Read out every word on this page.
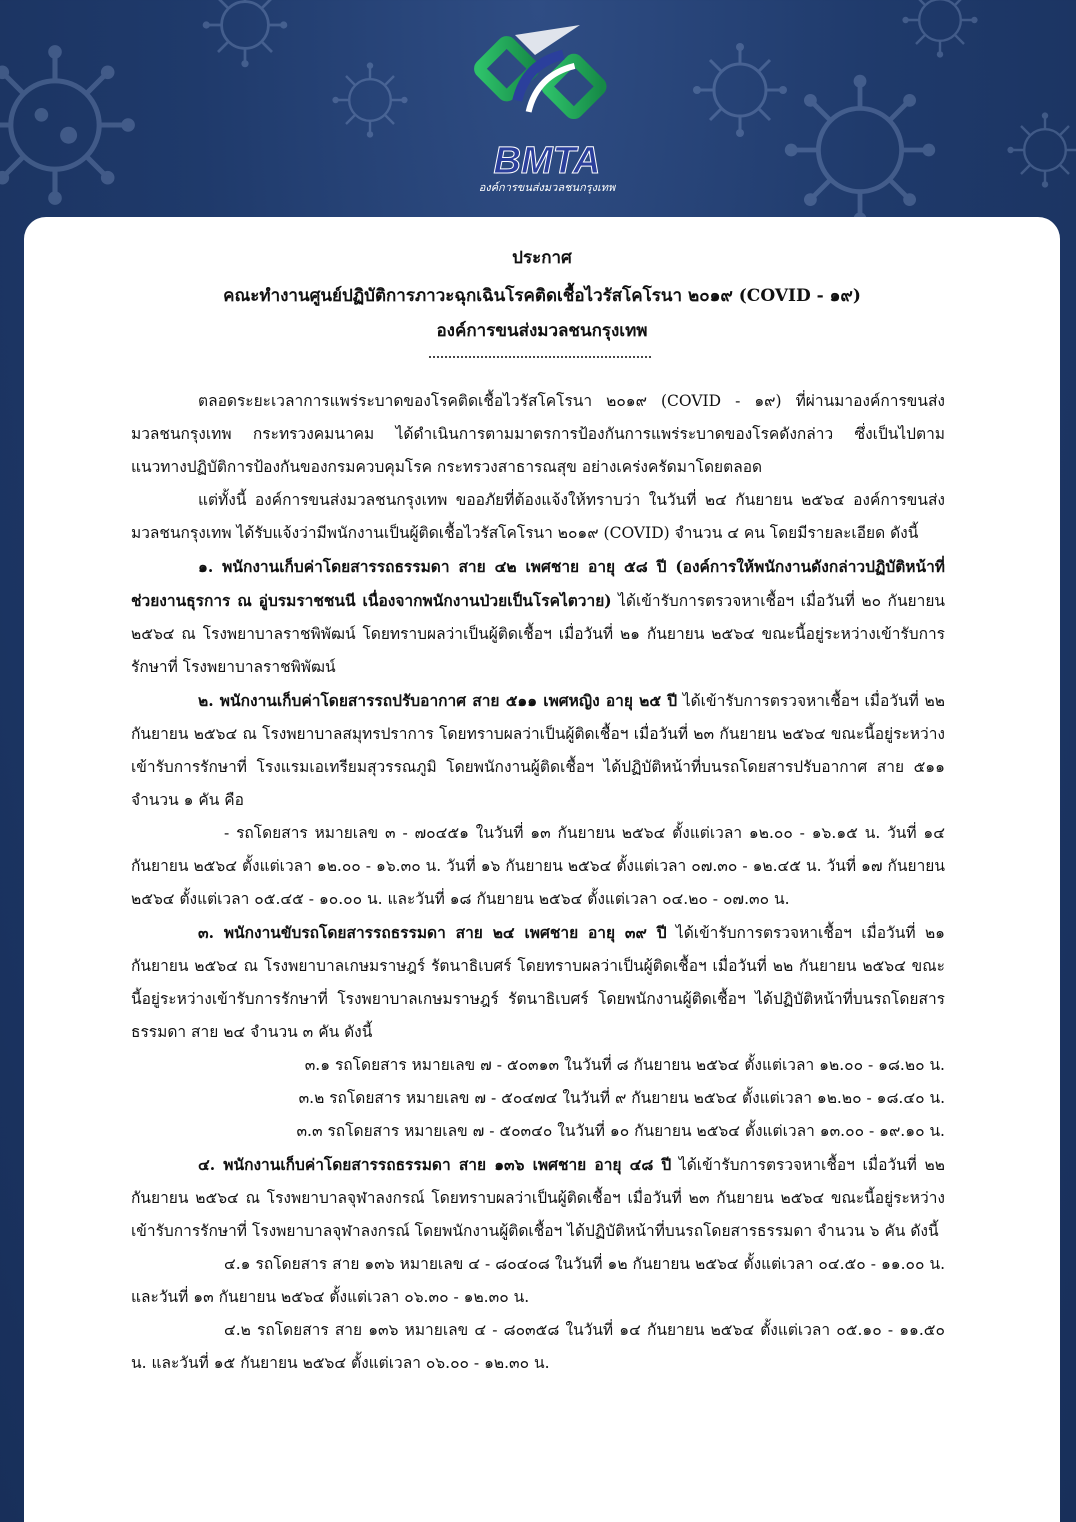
BMTA
องค์การขนส่งมวลชนกรุงเทพ
ประกาศ
คณะทำงานศูนย์ปฏิบัติการภาวะฉุกเฉินโรคติดเชื้อไวรัสโคโรนา ๒๐๑๙ (COVID - ๑๙)
องค์การขนส่งมวลชนกรุงเทพ

ตลอดระยะเวลาการแพร่ระบาดของโรคติดเชื้อไวรัสโคโรนา ๒๐๑๙ (COVID - ๑๙) ที่ผ่านมาองค์การขนส่งมวลชนกรุงเทพ กระทรวงคมนาคม ได้ดำเนินการตามมาตรการป้องกันการแพร่ระบาดของโรคดังกล่าว ซึ่งเป็นไปตามแนวทางปฏิบัติการป้องกันของกรมควบคุมโรค กระทรวงสาธารณสุข อย่างเคร่งครัดมาโดยตลอด

แต่ทั้งนี้ องค์การขนส่งมวลชนกรุงเทพ ขออภัยที่ต้องแจ้งให้ทราบว่า ในวันที่ ๒๔ กันยายน ๒๕๖๔ องค์การขนส่งมวลชนกรุงเทพ ได้รับแจ้งว่ามีพนักงานเป็นผู้ติดเชื้อไวรัสโคโรนา ๒๐๑๙ (COVID) จำนวน ๔ คน โดยมีรายละเอียด ดังนี้

๑. พนักงานเก็บค่าโดยสารรถธรรมดา สาย ๔๒ เพศชาย อายุ ๕๘ ปี (องค์การให้พนักงานดังกล่าวปฏิบัติหน้าที่ช่วยงานธุรการ ณ อู่บรมราชชนนี เนื่องจากพนักงานป่วยเป็นโรคไตวาย) ได้เข้ารับการตรวจหาเชื้อฯ เมื่อวันที่ ๒๐ กันยายน ๒๕๖๔ ณ โรงพยาบาลราชพิพัฒน์ โดยทราบผลว่าเป็นผู้ติดเชื้อฯ เมื่อวันที่ ๒๑ กันยายน ๒๕๖๔ ขณะนี้อยู่ระหว่างเข้ารับการรักษาที่ โรงพยาบาลราชพิพัฒน์

๒. พนักงานเก็บค่าโดยสารรถปรับอากาศ สาย ๕๑๑ เพศหญิง อายุ ๒๕ ปี ได้เข้ารับการตรวจหาเชื้อฯ เมื่อวันที่ ๒๒ กันยายน ๒๕๖๔ ณ โรงพยาบาลสมุทรปราการ โดยทราบผลว่าเป็นผู้ติดเชื้อฯ เมื่อวันที่ ๒๓ กันยายน ๒๕๖๔ ขณะนี้อยู่ระหว่างเข้ารับการรักษาที่ โรงแรมเอเทรียมสุวรรณภูมิ โดยพนักงานผู้ติดเชื้อฯ ได้ปฏิบัติหน้าที่บนรถโดยสารปรับอากาศ สาย ๕๑๑ จำนวน ๑ คัน คือ

- รถโดยสาร หมายเลข ๓ - ๗๐๔๕๑ ในวันที่ ๑๓ กันยายน ๒๕๖๔ ตั้งแต่เวลา ๑๒.๐๐ - ๑๖.๑๕ น. วันที่ ๑๔ กันยายน ๒๕๖๔ ตั้งแต่เวลา ๑๒.๐๐ - ๑๖.๓๐ น. วันที่ ๑๖ กันยายน ๒๕๖๔ ตั้งแต่เวลา ๐๗.๓๐ - ๑๒.๔๕ น. วันที่ ๑๗ กันยายน ๒๕๖๔ ตั้งแต่เวลา ๐๕.๔๕ - ๑๐.๐๐ น. และวันที่ ๑๘ กันยายน ๒๕๖๔ ตั้งแต่เวลา ๐๔.๒๐ - ๐๗.๓๐ น.

๓. พนักงานขับรถโดยสารรถธรรมดา สาย ๒๔ เพศชาย อายุ ๓๙ ปี ได้เข้ารับการตรวจหาเชื้อฯ เมื่อวันที่ ๒๑ กันยายน ๒๕๖๔ ณ โรงพยาบาลเกษมราษฎร์ รัตนาธิเบศร์ โดยทราบผลว่าเป็นผู้ติดเชื้อฯ เมื่อวันที่ ๒๒ กันยายน ๒๕๖๔ ขณะนี้อยู่ระหว่างเข้ารับการรักษาที่ โรงพยาบาลเกษมราษฎร์ รัตนาธิเบศร์ โดยพนักงานผู้ติดเชื้อฯ ได้ปฏิบัติหน้าที่บนรถโดยสารธรรมดา สาย ๒๔ จำนวน ๓ คัน ดังนี้

๓.๑ รถโดยสาร หมายเลข ๗ - ๕๐๓๑๓ ในวันที่ ๘ กันยายน ๒๕๖๔ ตั้งแต่เวลา ๑๒.๐๐ - ๑๘.๒๐ น.

๓.๒ รถโดยสาร หมายเลข ๗ - ๕๐๔๗๔ ในวันที่ ๙ กันยายน ๒๕๖๔ ตั้งแต่เวลา ๑๒.๒๐ - ๑๘.๔๐ น.

๓.๓ รถโดยสาร หมายเลข ๗ - ๕๐๓๔๐ ในวันที่ ๑๐ กันยายน ๒๕๖๔ ตั้งแต่เวลา ๑๓.๐๐ - ๑๙.๑๐ น.

๔. พนักงานเก็บค่าโดยสารรถธรรมดา สาย ๑๓๖ เพศชาย อายุ ๔๘ ปี ได้เข้ารับการตรวจหาเชื้อฯ เมื่อวันที่ ๒๒ กันยายน ๒๕๖๔ ณ โรงพยาบาลจุฬาลงกรณ์ โดยทราบผลว่าเป็นผู้ติดเชื้อฯ เมื่อวันที่ ๒๓ กันยายน ๒๕๖๔ ขณะนี้อยู่ระหว่างเข้ารับการรักษาที่ โรงพยาบาลจุฬาลงกรณ์ โดยพนักงานผู้ติดเชื้อฯ ได้ปฏิบัติหน้าที่บนรถโดยสารธรรมดา จำนวน ๖ คัน ดังนี้

๔.๑ รถโดยสาร สาย ๑๓๖ หมายเลข ๔ - ๘๐๔๐๘ ในวันที่ ๑๒ กันยายน ๒๕๖๔ ตั้งแต่เวลา ๐๔.๕๐ - ๑๑.๐๐ น. และวันที่ ๑๓ กันยายน ๒๕๖๔ ตั้งแต่เวลา ๐๖.๓๐ - ๑๒.๓๐ น.

๔.๒ รถโดยสาร สาย ๑๓๖ หมายเลข ๔ - ๘๐๓๕๘ ในวันที่ ๑๔ กันยายน ๒๕๖๔ ตั้งแต่เวลา ๐๕.๑๐ - ๑๑.๕๐ น. และวันที่ ๑๕ กันยายน ๒๕๖๔ ตั้งแต่เวลา ๐๖.๐๐ - ๑๒.๓๐ น.
